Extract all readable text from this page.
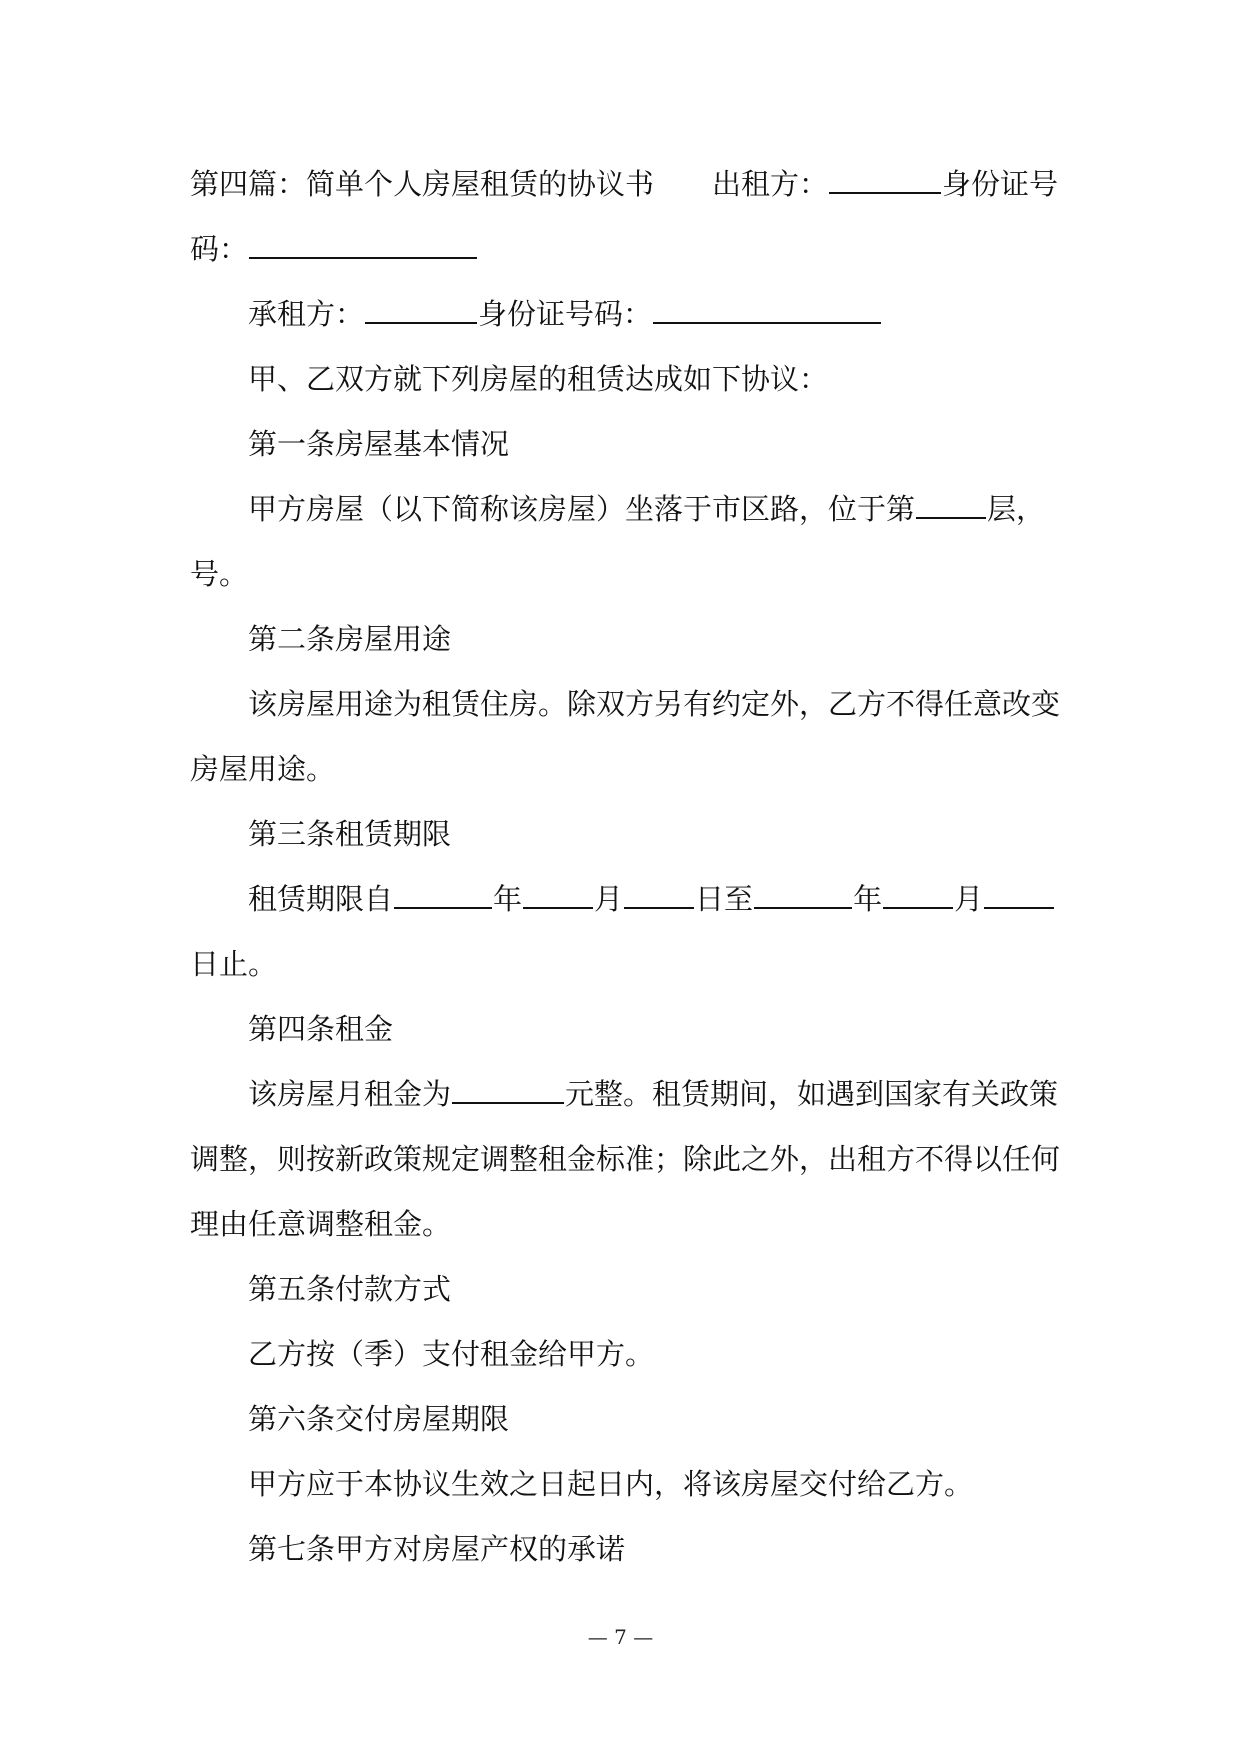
第四篇：简单个人房屋租赁的协议书 出租方：	身份证号
码：
承租方：	身份证号码：
甲、乙双方就下列房屋的租赁达成如下协议：
第一条房屋基本情况
甲方房屋（以下简称该房屋）坐落于市区路，位于第 层，
号。
第二条房屋用途
该房屋用途为租赁住房。除双方另有约定外，乙方不得任意改变
房屋用途。
第三条租赁期限
租赁期限自	年 月 日至	年 月
日止。
第四条租金
该房屋月租金为	元整。租赁期间，如遇到国家有关政策
调整，则按新政策规定调整租金标准；除此之外，出租方不得以任何
理由任意调整租金。
第五条付款方式
乙方按（季）支付租金给甲方。
第六条交付房屋期限
甲方应于本协议生效之日起日内，将该房屋交付给乙方。
第七条甲方对房屋产权的承诺
— 7 —
